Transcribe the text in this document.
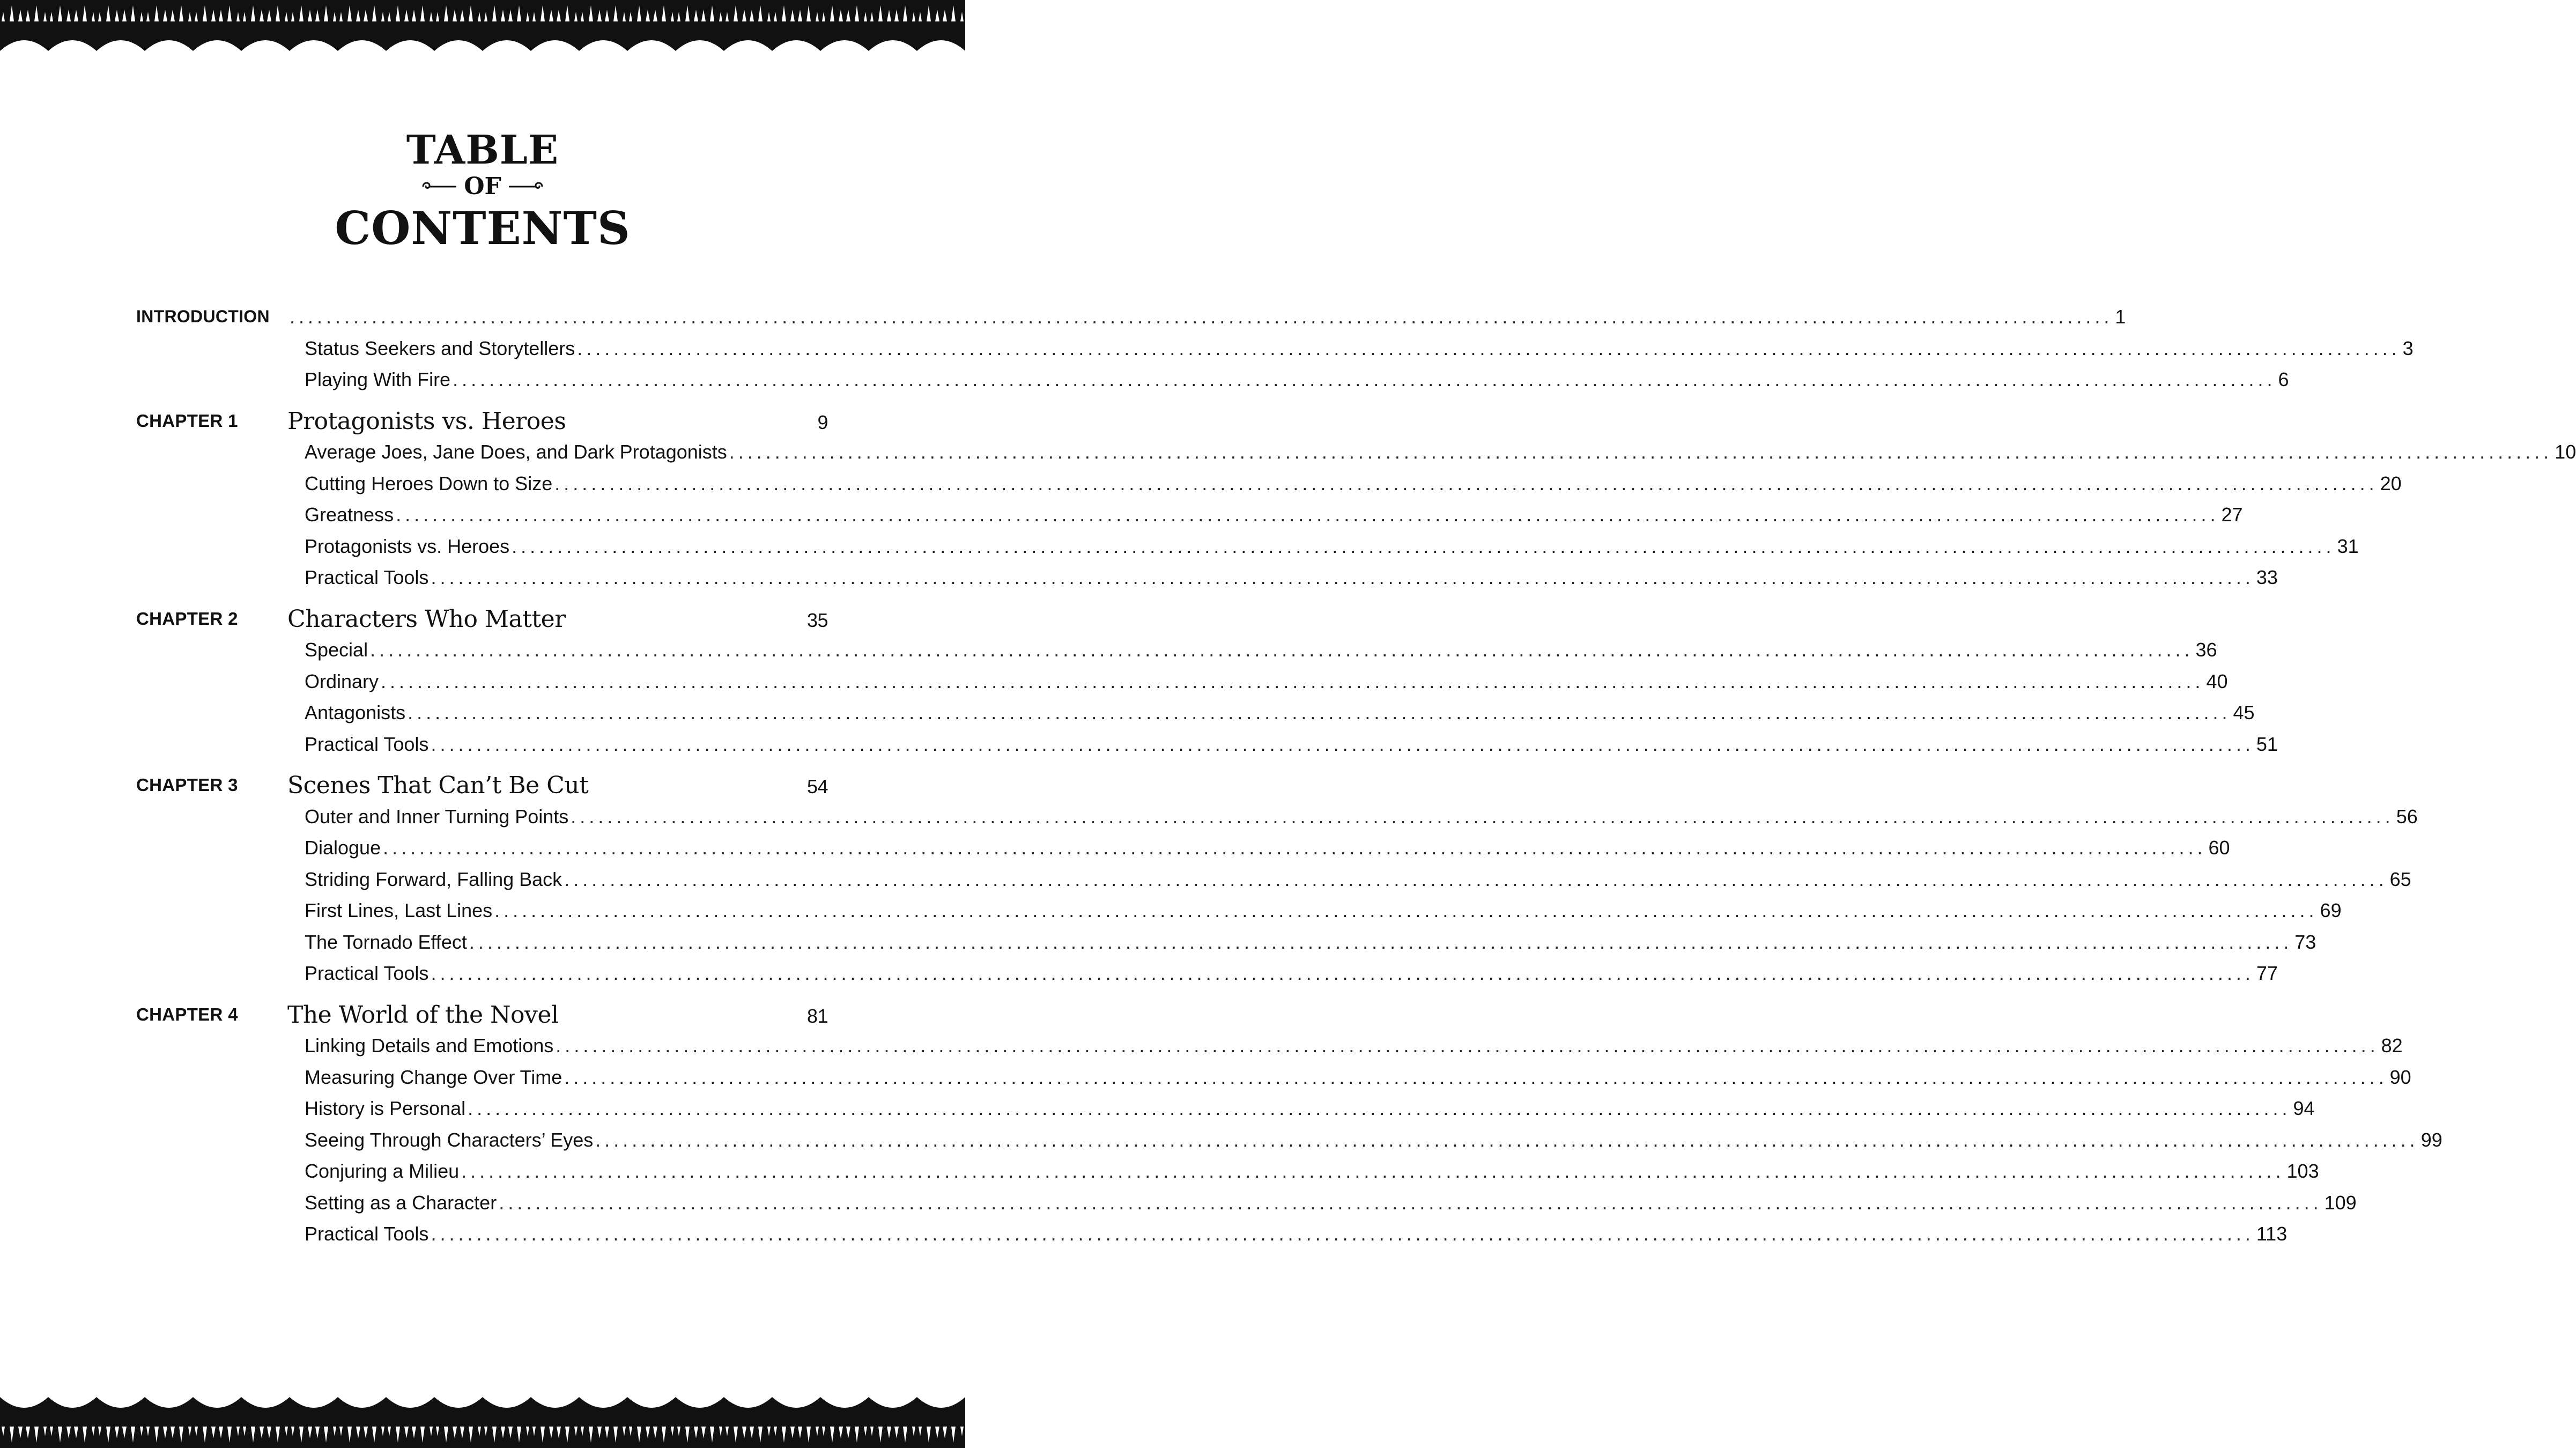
TABLE
OF
CONTENTS
INTRODUCTION	........................................................................................................................................................................................................ 1
Status Seekers and Storytellers ........................................................................................................................................................................................................ 3
Playing With Fire ........................................................................................................................................................................................................ 6
CHAPTER 1	Protagonists vs. Heroes	9
Average Joes, Jane Does, and Dark Protagonists ........................................................................................................................................................................................................ 10
Cutting Heroes Down to Size ........................................................................................................................................................................................................ 20
Greatness ........................................................................................................................................................................................................ 27
Protagonists vs. Heroes ........................................................................................................................................................................................................ 31
Practical Tools ........................................................................................................................................................................................................ 33
CHAPTER 2	Characters Who Matter	35
Special ........................................................................................................................................................................................................ 36
Ordinary ........................................................................................................................................................................................................ 40
Antagonists ........................................................................................................................................................................................................ 45
Practical Tools ........................................................................................................................................................................................................ 51
CHAPTER 3	Scenes That Can’t Be Cut	54
Outer and Inner Turning Points ........................................................................................................................................................................................................ 56
Dialogue ........................................................................................................................................................................................................ 60
Striding Forward, Falling Back ........................................................................................................................................................................................................ 65
First Lines, Last Lines ........................................................................................................................................................................................................ 69
The Tornado Effect ........................................................................................................................................................................................................ 73
Practical Tools ........................................................................................................................................................................................................ 77
CHAPTER 4	The World of the Novel	81
Linking Details and Emotions ........................................................................................................................................................................................................ 82
Measuring Change Over Time ........................................................................................................................................................................................................ 90
History is Personal ........................................................................................................................................................................................................ 94
Seeing Through Characters’ Eyes ........................................................................................................................................................................................................ 99
Conjuring a Milieu ........................................................................................................................................................................................................ 103
Setting as a Character ........................................................................................................................................................................................................ 109
Practical Tools ........................................................................................................................................................................................................ 113
